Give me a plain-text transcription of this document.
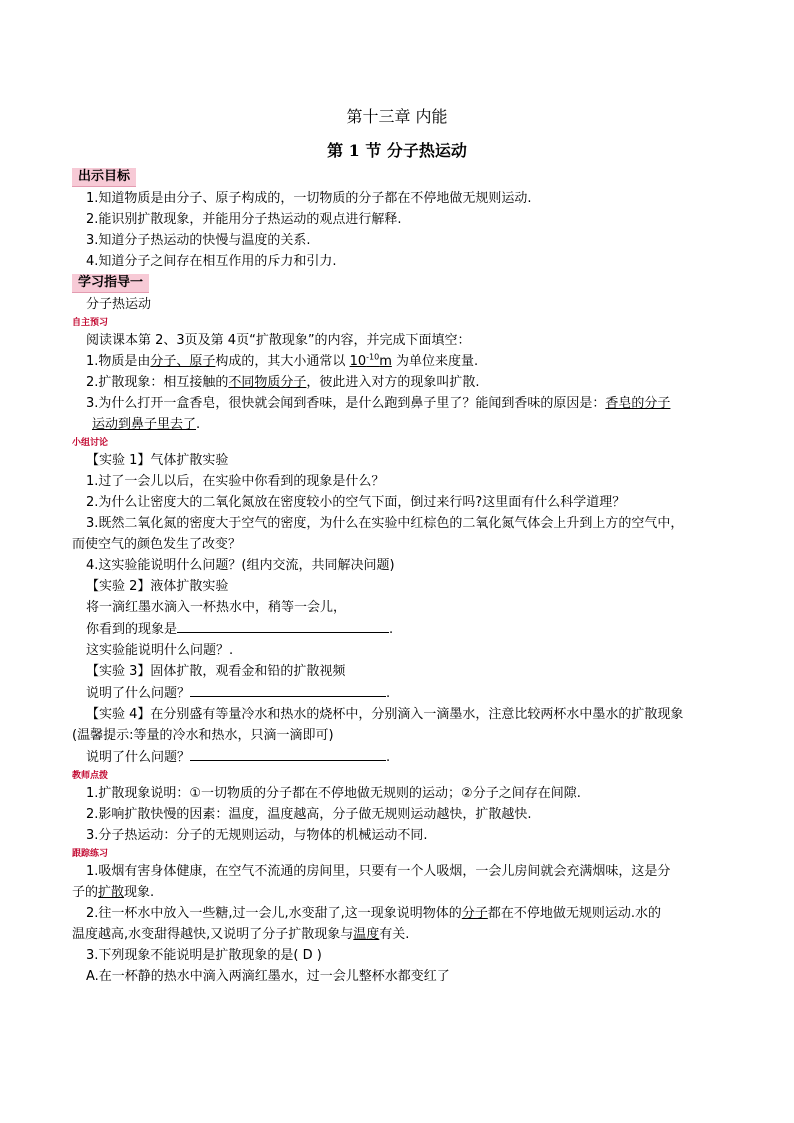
第十三章 内能
第 1 节 分子热运动
出示目标
1.知道物质是由分子、原子构成的，一切物质的分子都在不停地做无规则运动.
2.能识别扩散现象，并能用分子热运动的观点进行解释.
3.知道分子热运动的快慢与温度的关系.
4.知道分子之间存在相互作用的斥力和引力.
学习指导一
分子热运动
自主预习
阅读课本第 2、3页及第 4页“扩散现象”的内容，并完成下面填空：
1.物质是由分子、原子构成的，其大小通常以 $10^{-10}m$ 为单位来度量.
2.扩散现象：相互接触的不同物质分子，彼此进入对方的现象叫扩散.
3.为什么打开一盒香皂，很快就会闻到香味，是什么跑到鼻子里了？能闻到香味的原因是：香皂的分子
运动到鼻子里去了.
小组讨论
【实验 1】气体扩散实验
1.过了一会儿以后，在实验中你看到的现象是什么？
2.为什么让密度大的二氧化氮放在密度较小的空气下面，倒过来行吗?这里面有什么科学道理？
3.既然二氧化氮的密度大于空气的密度，为什么在实验中红棕色的二氧化氮气体会上升到上方的空气中，
而使空气的颜色发生了改变？
4.这实验能说明什么问题？(组内交流，共同解决问题)
【实验 2】液体扩散实验
将一滴红墨水滴入一杯热水中，稍等一会儿，
你看到的现象是	.
这实验能说明什么问题？.
【实验 3】固体扩散，观看金和铅的扩散视频
说明了什么问题？	.
【实验 4】在分别盛有等量冷水和热水的烧杯中，分别滴入一滴墨水，注意比较两杯水中墨水的扩散现象
(温馨提示:等量的冷水和热水，只滴一滴即可)
说明了什么问题？	.
教师点拨
1.扩散现象说明：①一切物质的分子都在不停地做无规则的运动；②分子之间存在间隙.
2.影响扩散快慢的因素：温度，温度越高，分子做无规则运动越快，扩散越快.
3.分子热运动：分子的无规则运动，与物体的机械运动不同.
跟踪练习
1.吸烟有害身体健康，在空气不流通的房间里，只要有一个人吸烟，一会儿房间就会充满烟味，这是分
子的扩散现象.
2.往一杯水中放入一些糖,过一会儿,水变甜了,这一现象说明物体的分子都在不停地做无规则运动.水的
温度越高,水变甜得越快,又说明了分子扩散现象与温度有关.
3.下列现象不能说明是扩散现象的是( D )
A.在一杯静的热水中滴入两滴红墨水，过一会儿整杯水都变红了
